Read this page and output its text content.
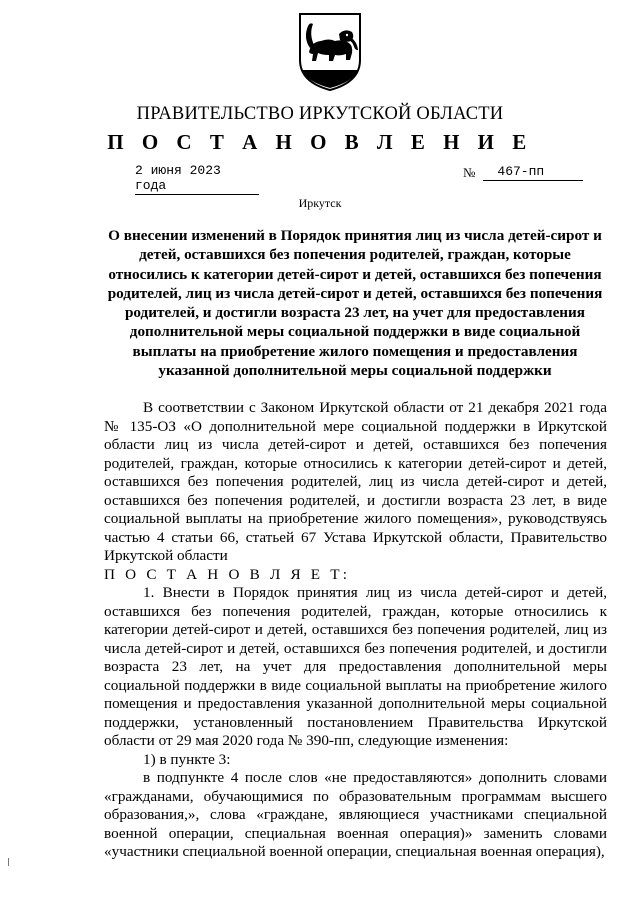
ПРАВИТЕЛЬСТВО ИРКУТСКОЙ ОБЛАСТИ
П О С Т А Н О В Л Е Н И Е
2 июня 2023 года
№	467-пп
Иркутск
О внесении изменений в Порядок принятия лиц из числа детей-сирот и детей, оставшихся без попечения родителей, граждан, которые относились к категории детей-сирот и детей, оставшихся без попечения родителей, лиц из числа детей-сирот и детей, оставшихся без попечения родителей, и достигли возраста 23 лет, на учет для предоставления дополнительной меры социальной поддержки в виде социальной выплаты на приобретение жилого помещения и предоставления указанной дополнительной меры социальной поддержки

В соответствии с Законом Иркутской области от 21 декабря 2021 года № 135-ОЗ «О дополнительной мере социальной поддержки в Иркутской области лиц из числа детей-сирот и детей, оставшихся без попечения родителей, граждан, которые относились к категории детей-сирот и детей, оставшихся без попечения родителей, лиц из числа детей-сирот и детей, оставшихся без попечения родителей, и достигли возраста 23 лет, в виде социальной выплаты на приобретение жилого помещения», руководствуясь частью 4 статьи 66, статьей 67 Устава Иркутской области, Правительство Иркутской области

П О С Т А Н О В Л Я Е Т:

1. Внести в Порядок принятия лиц из числа детей-сирот и детей, оставшихся без попечения родителей, граждан, которые относились к категории детей-сирот и детей, оставшихся без попечения родителей, лиц из числа детей-сирот и детей, оставшихся без попечения родителей, и достигли возраста 23 лет, на учет для предоставления дополнительной меры социальной поддержки в виде социальной выплаты на приобретение жилого помещения и предоставления указанной дополнительной меры социальной поддержки, установленный постановлением Правительства Иркутской области от 29 мая 2020 года № 390-пп, следующие изменения:

1) в пункте 3:

в подпункте 4 после слов «не предоставляются» дополнить словами «гражданами, обучающимися по образовательным программам высшего образования,», слова «граждане, являющиеся участниками специальной военной операции, специальная военная операция)» заменить словами «участники специальной военной операции, специальная военная операция),
